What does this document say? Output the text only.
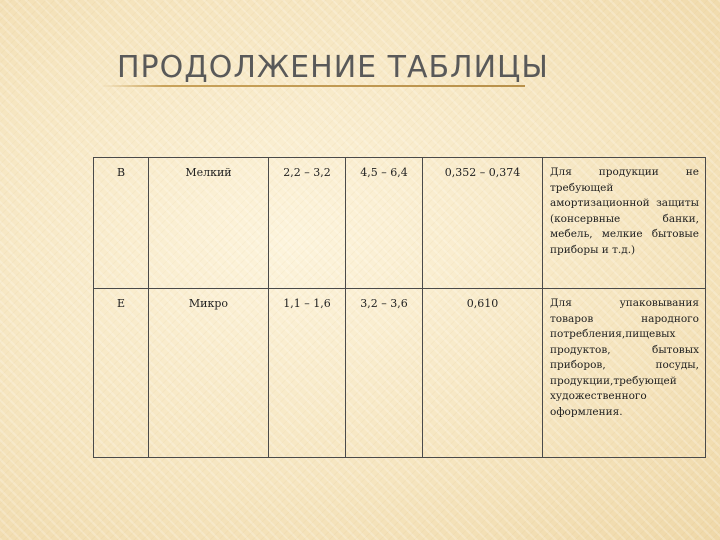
ПРОДОЛЖЕНИЕ ТАБЛИЦЫ
В	Мелкий	2,2 – 3,2	4,5 – 6,4	0,352 – 0,374	Для продукции не требующей амортизационной защиты (консервные банки, мебель, мелкие бытовые приборы и т.д.)
Е	Микро	1,1 – 1,6	3,2 – 3,6	0,610	Для упаковывания товаров народного потребления,пищевых продуктов, бытовых приборов, посуды, продукции,требующей художественного оформления.
